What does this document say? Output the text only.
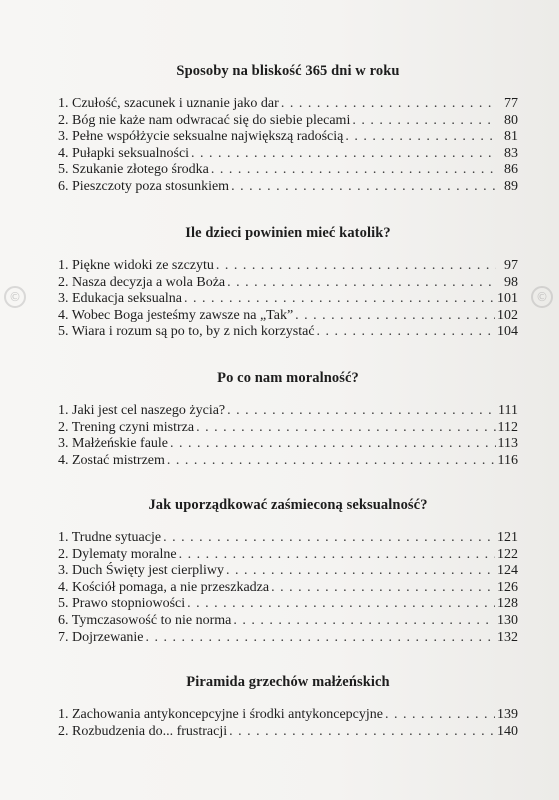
©	©
Sposoby na bliskość 365 dni w roku
1. Czułość, szacunek i uznanie jako dar . . .	77
2. Bóg nie każe nam odwracać się do siebie plecami . . .	80
3. Pełne współżycie seksualne największą radością . . .	81
4. Pułapki seksualności . . .	83
5. Szukanie złotego środka . . .	86
6. Pieszczoty poza stosunkiem . . .	89
Ile dzieci powinien mieć katolik?
1. Piękne widoki ze szczytu . . .	97
2. Nasza decyzja a wola Boża . . .	98
3. Edukacja seksualna . . .	101
4. Wobec Boga jesteśmy zawsze na „Tak” . . .	102
5. Wiara i rozum są po to, by z nich korzystać . . .	104
Po co nam moralność?
1. Jaki jest cel naszego życia? . . .	111
2. Trening czyni mistrza . . .	112
3. Małżeńskie faule . . .	113
4. Zostać mistrzem . . .	116
Jak uporządkować zaśmieconą seksualność?
1. Trudne sytuacje . . .	121
2. Dylematy moralne . . .	122
3. Duch Święty jest cierpliwy . . .	124
4. Kościół pomaga, a nie przeszkadza . . .	126
5. Prawo stopniowości . . .	128
6. Tymczasowość to nie norma . . .	130
7. Dojrzewanie . . .	132
Piramida grzechów małżeńskich
1. Zachowania antykoncepcyjne i środki antykoncepcyjne . . .	139
2. Rozbudzenia do... frustracji . . .	140
